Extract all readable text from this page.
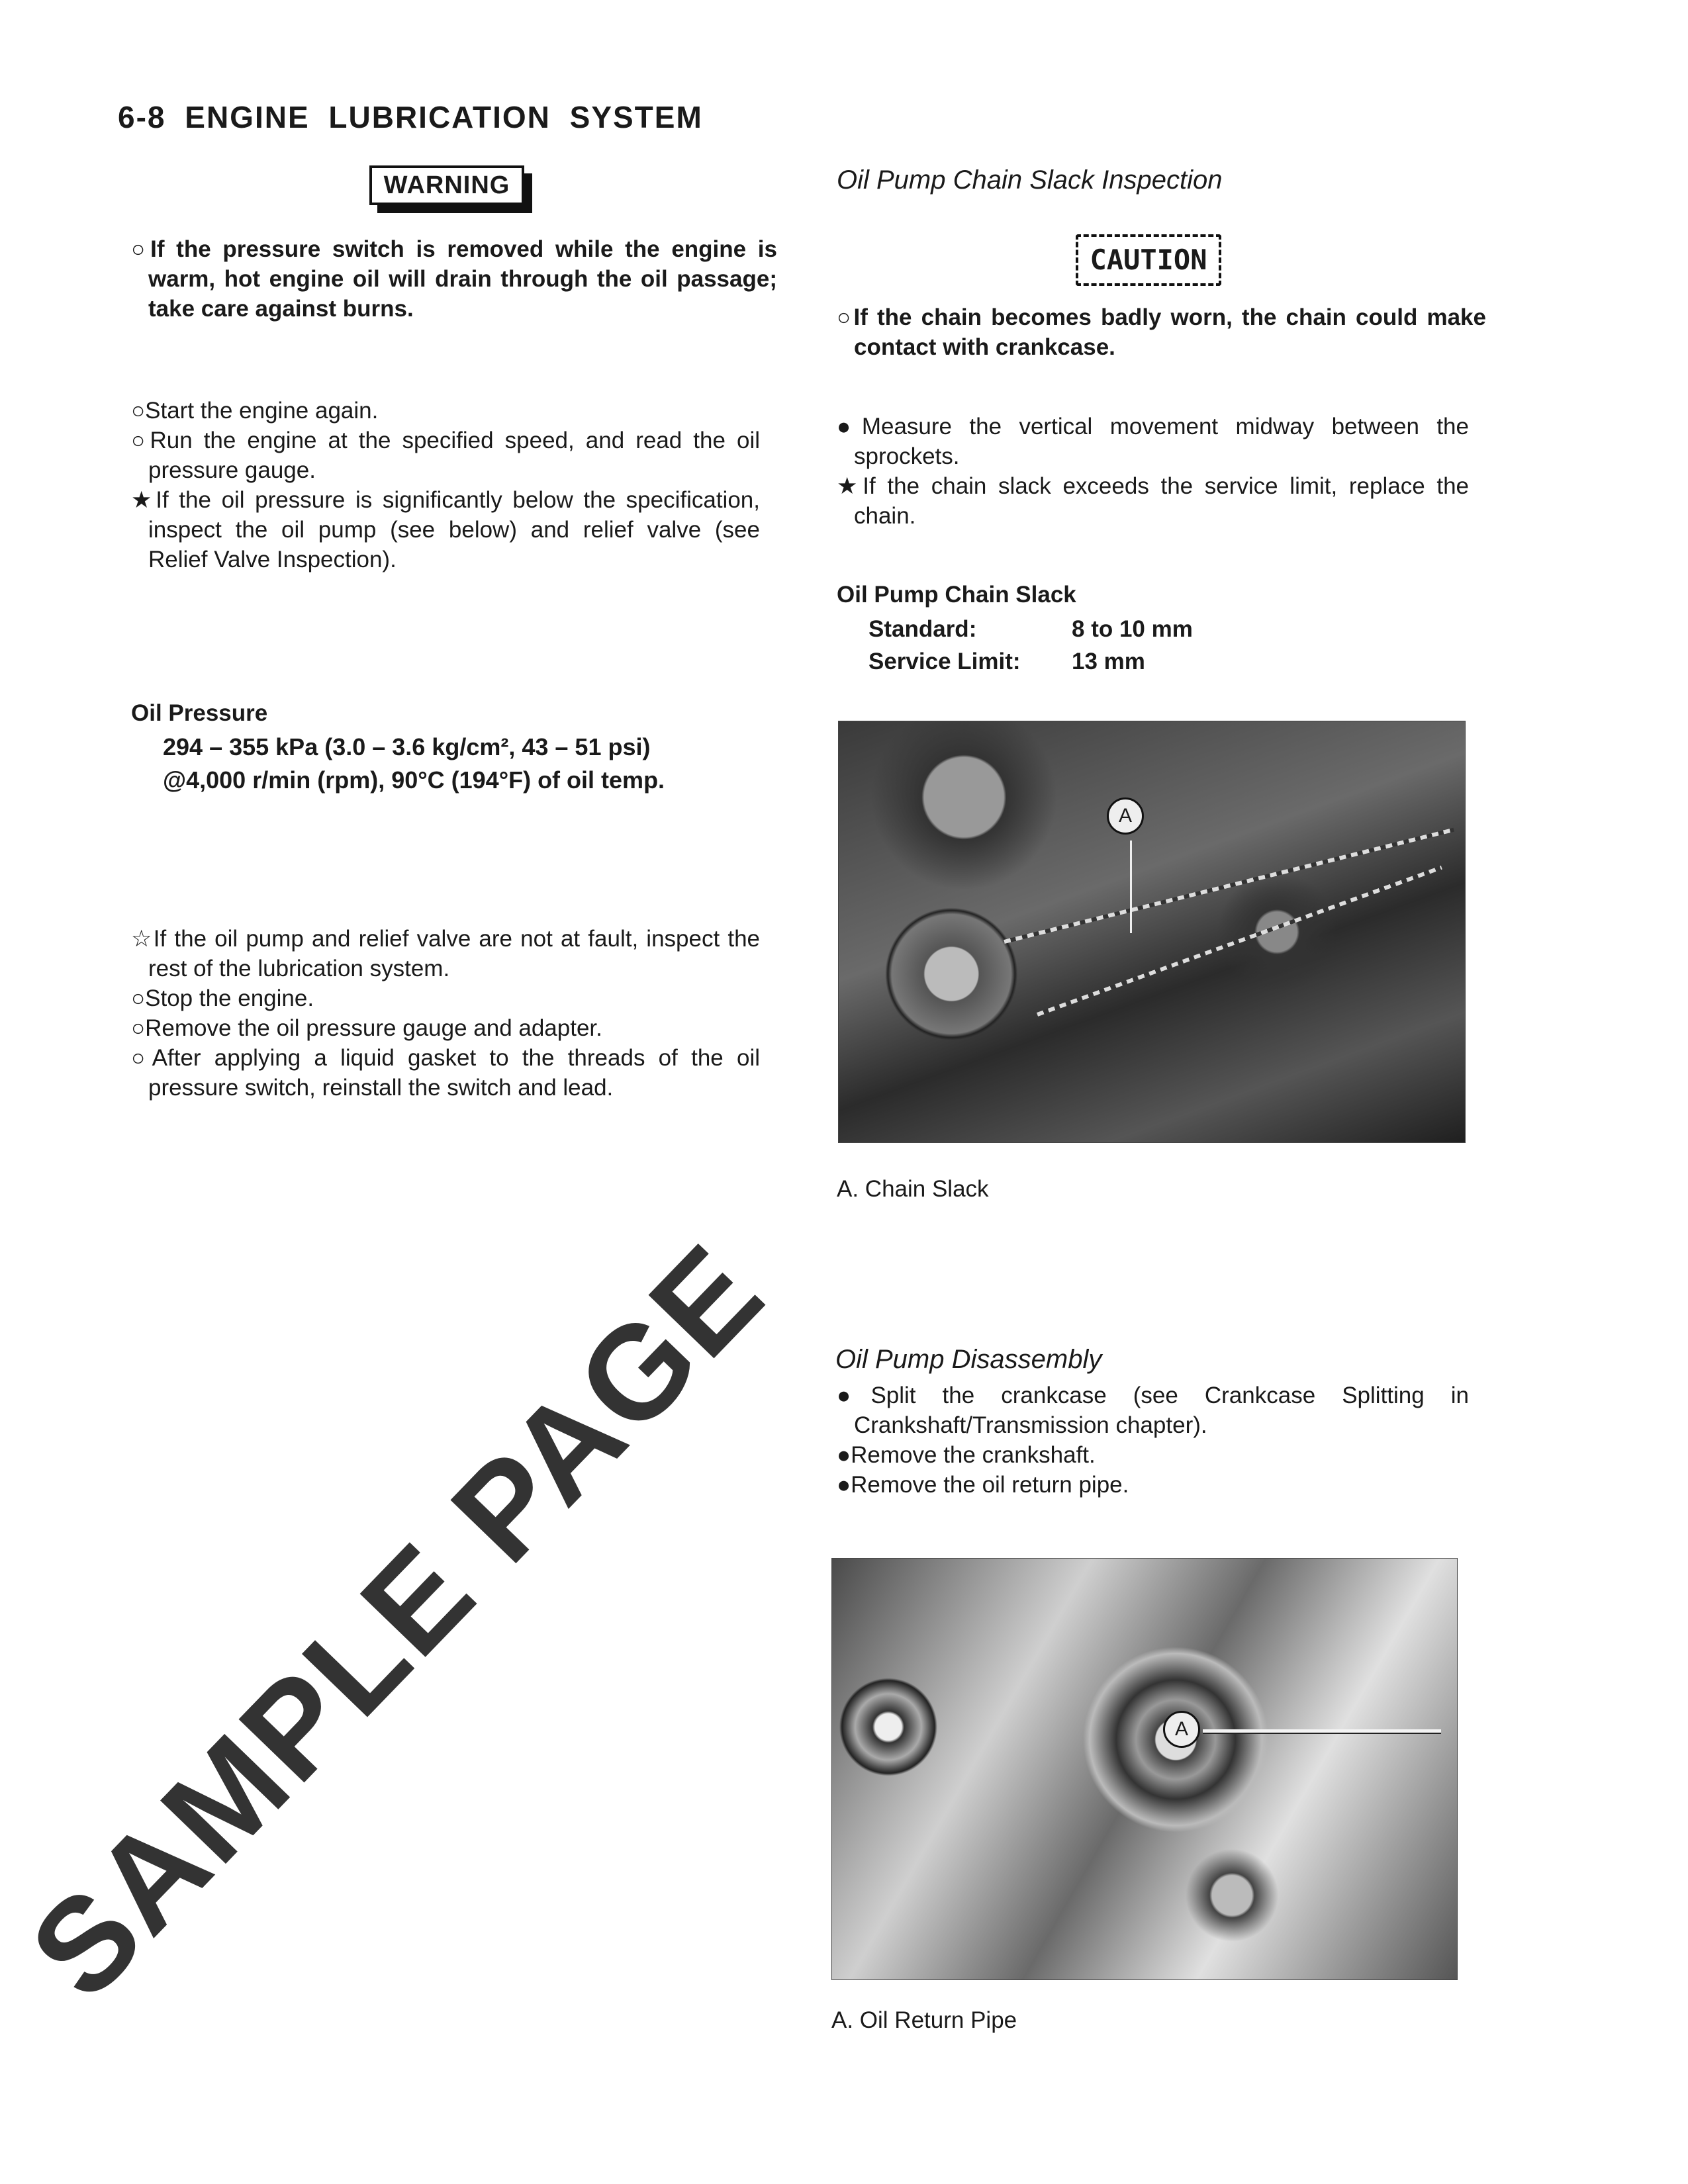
6-8 ENGINE LUBRICATION SYSTEM
WARNING
○If the pressure switch is removed while the engine is warm, hot engine oil will drain through the oil passage; take care against burns.
○Start the engine again.
○Run the engine at the specified speed, and read the oil pressure gauge.
★If the oil pressure is significantly below the specification, inspect the oil pump (see below) and relief valve (see Relief Valve Inspection).
Oil Pressure
294 – 355 kPa (3.0 – 3.6 kg/cm², 43 – 51 psi)
@4,000 r/min (rpm), 90°C (194°F) of oil temp.
☆If the oil pump and relief valve are not at fault, inspect the rest of the lubrication system.
○Stop the engine.
○Remove the oil pressure gauge and adapter.
○After applying a liquid gasket to the threads of the oil pressure switch, reinstall the switch and lead.
Oil Pump Chain Slack Inspection
CAUTION
○If the chain becomes badly worn, the chain could make contact with crankcase.
●Measure the vertical movement midway between the sprockets.
★If the chain slack exceeds the service limit, replace the chain.
Oil Pump Chain Slack
Standard:	8 to 10 mm
Service Limit: 13 mm
A
A. Chain Slack
Oil Pump Disassembly
●Split the crankcase (see Crankcase Splitting in Crankshaft/Transmission chapter).
●Remove the crankshaft.
●Remove the oil return pipe.
A
A. Oil Return Pipe
SAMPLE PAGE
